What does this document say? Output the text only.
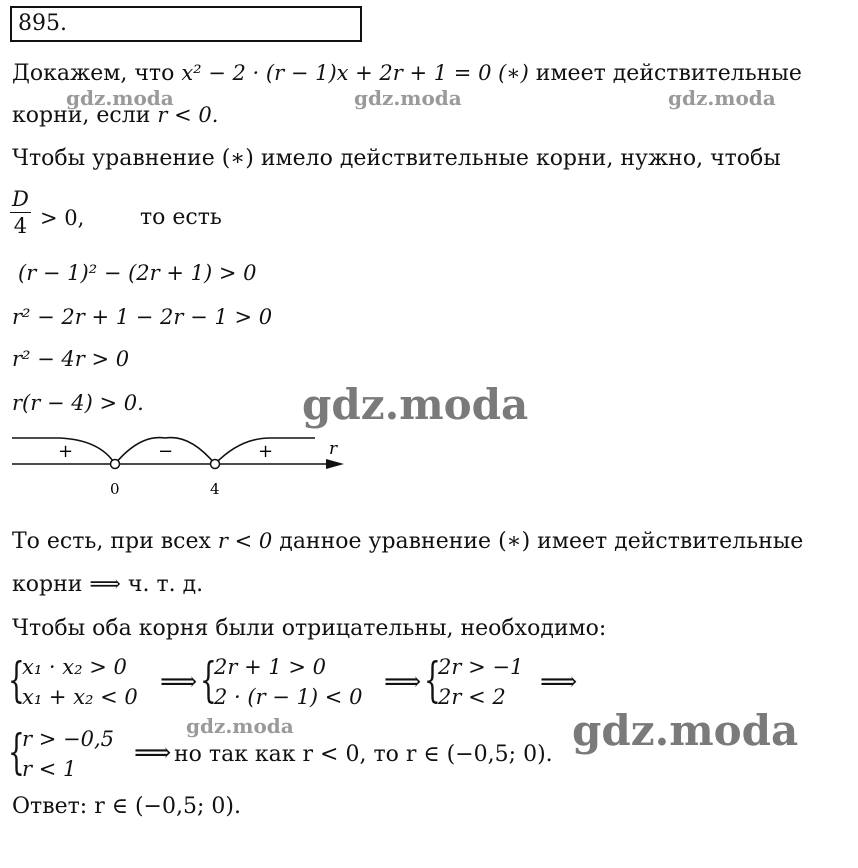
895.
Докажем, что x² − 2 · (r − 1)x + 2r + 1 = 0 (∗) имеет действительные
корни, если r < 0.
Чтобы уравнение (∗) имело действительные корни, нужно, чтобы
$\frac{D}{4} > 0$,	то есть
(r − 1)² − (2r + 1) > 0
r² − 2r + 1 − 2r − 1 > 0
r² − 4r > 0
r(r − 4) > 0.
+	−	+	r
0	4
То есть, при всех r < 0 данное уравнение (∗) имеет действительные
корни ⟹ ч. т. д.
Чтобы оба корня были отрицательны, необходимо:
{
x₁ · x₂ > 0
x₁ + x₂ < 0 ⟹ {
2r + 1 > 0
2 · (r − 1) < 0 ⟹ {
2r > −1
2r < 2	⟹
{
r > −0,5
r < 1
⟹ но так как r < 0, то r ∈ (−0,5; 0).
Ответ: r ∈ (−0,5; 0).
gdz.moda	gdz.moda	gdz.moda
gdz.moda
gdz.moda	gdz.moda
